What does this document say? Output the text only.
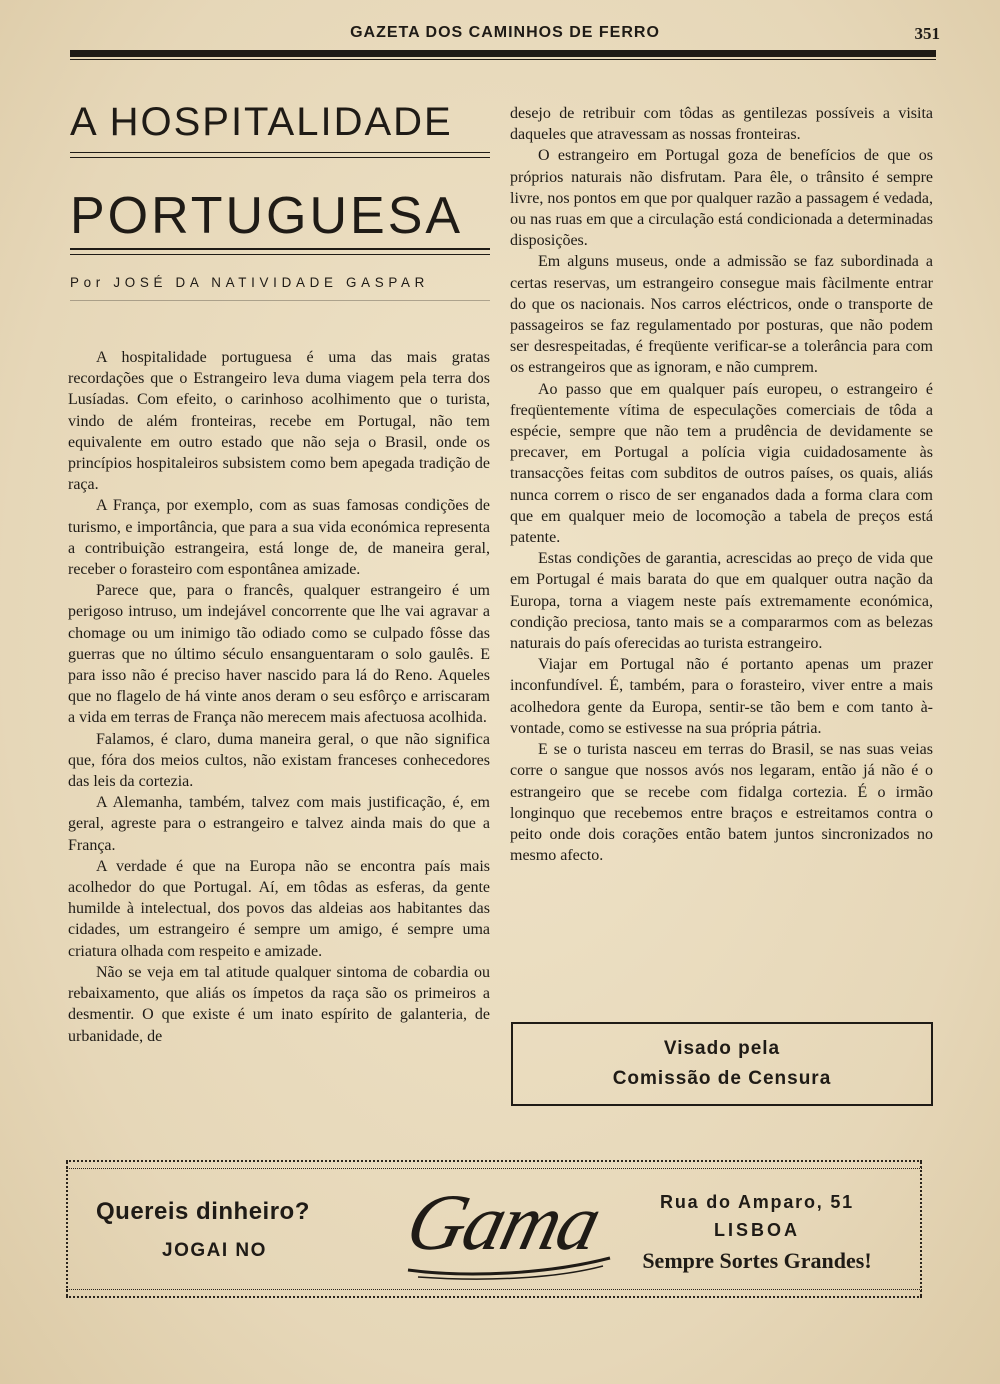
GAZETA DOS CAMINHOS DE FERRO	351
A HOSPITALIDADE
PORTUGUESA
Por JOSÉ DA NATIVIDADE GASPAR

A hospitalidade portuguesa é uma das mais gratas recordações que o Estrangeiro leva duma viagem pela terra dos Lusíadas. Com efeito, o carinhoso acolhimento que o turista, vindo de além fronteiras, recebe em Portugal, não tem equivalente em outro estado que não seja o Brasil, onde os princípios hospitaleiros subsistem como bem apegada tradição de raça.

A França, por exemplo, com as suas famosas condições de turismo, e importância, que para a sua vida económica representa a contribuição estrangeira, está longe de, de maneira geral, receber o forasteiro com espontânea amizade.

Parece que, para o francês, qualquer estrangeiro é um perigoso intruso, um indejável concorrente que lhe vai agravar a chomage ou um inimigo tão odiado como se culpado fôsse das guerras que no último século ensanguentaram o solo gaulês. E para isso não é preciso haver nascido para lá do Reno. Aqueles que no flagelo de há vinte anos deram o seu esfôrço e arriscaram a vida em terras de França não merecem mais afectuosa acolhida.

Falamos, é claro, duma maneira geral, o que não significa que, fóra dos meios cultos, não existam franceses conhecedores das leis da cortezia.

A Alemanha, também, talvez com mais justificação, é, em geral, agreste para o estrangeiro e talvez ainda mais do que a França.

A verdade é que na Europa não se encontra país mais acolhedor do que Portugal. Aí, em tôdas as esferas, da gente humilde à intelectual, dos povos das aldeias aos habitantes das cidades, um estrangeiro é sempre um amigo, é sempre uma criatura olhada com respeito e amizade.

Não se veja em tal atitude qualquer sintoma de cobardia ou rebaixamento, que aliás os ímpetos da raça são os primeiros a desmentir. O que existe é um inato espírito de galanteria, de urbanidade, de

desejo de retribuir com tôdas as gentilezas possíveis a visita daqueles que atravessam as nossas fronteiras.

O estrangeiro em Portugal goza de benefícios de que os próprios naturais não disfrutam. Para êle, o trânsito é sempre livre, nos pontos em que por qualquer razão a passagem é vedada, ou nas ruas em que a circulação está condicionada a determinadas disposições.

Em alguns museus, onde a admissão se faz subordinada a certas reservas, um estrangeiro consegue mais fàcilmente entrar do que os nacionais. Nos carros eléctricos, onde o transporte de passageiros se faz regulamentado por posturas, que não podem ser desrespeitadas, é freqüente verificar-se a tolerância para com os estrangeiros que as ignoram, e não cumprem.

Ao passo que em qualquer país europeu, o estrangeiro é freqüentemente vítima de especulações comerciais de tôda a espécie, sempre que não tem a prudência de devidamente se precaver, em Portugal a polícia vigia cuidadosamente às transacções feitas com subditos de outros países, os quais, aliás nunca correm o risco de ser enganados dada a forma clara com que em qualquer meio de locomoção a tabela de preços está patente.

Estas condições de garantia, acrescidas ao preço de vida que em Portugal é mais barata do que em qualquer outra nação da Europa, torna a viagem neste país extremamente económica, condição preciosa, tanto mais se a compararmos com as belezas naturais do país oferecidas ao turista estrangeiro.

Viajar em Portugal não é portanto apenas um prazer inconfundível. É, também, para o forasteiro, viver entre a mais acolhedora gente da Europa, sentir-se tão bem e com tanto à-vontade, como se estivesse na sua própria pátria.

E se o turista nasceu em terras do Brasil, se nas suas veias corre o sangue que nossos avós nos legaram, então já não é o estrangeiro que se recebe com fidalga cortezia. É o irmão longinquo que recebemos entre braços e estreitamos contra o peito onde dois corações então batem juntos sincronizados no mesmo afecto.

Visado pela
Comissão de Censura
Quereis dinheiro?
JOGAI NO Gama	Rua do Amparo, 51
LISBOA
Sempre Sortes Grandes!
